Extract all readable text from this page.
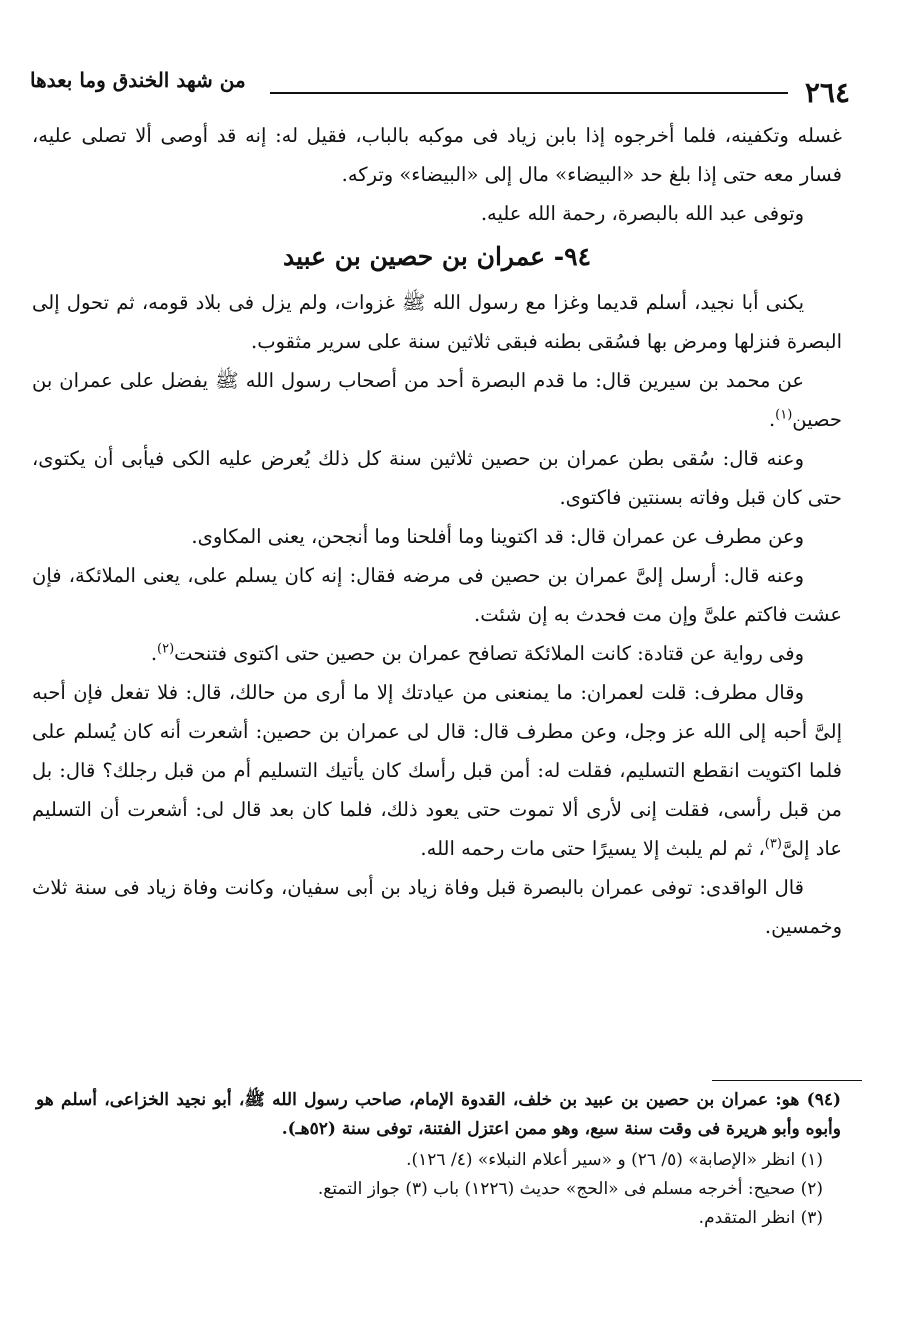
٢٦٤
من شهد الخندق وما بعدها

غسله وتكفينه، فلما أخرجوه إذا بابن زياد فى موكبه بالباب، فقيل له: إنه قد أوصى ألا تصلى عليه، فسار معه حتى إذا بلغ حد «البيضاء» مال إلى «البيضاء» وتركه.

وتوفى عبد الله بالبصرة، رحمة الله عليه.

٩٤- عمران بن حصين بن عبيد

يكنى أبا نجيد، أسلم قديما وغزا مع رسول الله ﷺ غزوات، ولم يزل فى بلاد قومه، ثم تحول إلى البصرة فنزلها ومرض بها فسُقى بطنه فبقى ثلاثين سنة على سرير مثقوب.

عن محمد بن سيرين قال: ما قدم البصرة أحد من أصحاب رسول الله ﷺ يفضل على عمران بن حصين$^{(١)}$.

وعنه قال: سُقى بطن عمران بن حصين ثلاثين سنة كل ذلك يُعرض عليه الكى فيأبى أن يكتوى، حتى كان قبل وفاته بسنتين فاكتوى.

وعن مطرف عن عمران قال: قد اكتوينا وما أفلحنا وما أنجحن، يعنى المكاوى.

وعنه قال: أرسل إلىَّ عمران بن حصين فى مرضه فقال: إنه كان يسلم على، يعنى الملائكة، فإن عشت فاكتم علىَّ وإن مت فحدث به إن شئت.

وفى رواية عن قتادة: كانت الملائكة تصافح عمران بن حصين حتى اكتوى فتنحت$^{(٢)}$.

وقال مطرف: قلت لعمران: ما يمنعنى من عيادتك إلا ما أرى من حالك، قال: فلا تفعل فإن أحبه إلىَّ أحبه إلى الله عز وجل، وعن مطرف قال: قال لى عمران بن حصين: أشعرت أنه كان يُسلم على فلما اكتويت انقطع التسليم، فقلت له: أمن قبل رأسك كان يأتيك التسليم أم من قبل رجلك؟ قال: بل من قبل رأسى، فقلت إنى لأرى ألا تموت حتى يعود ذلك، فلما كان بعد قال لى: أشعرت أن التسليم عاد إلىَّ$^{(٣)}$، ثم لم يلبث إلا يسيرًا حتى مات رحمه الله.

قال الواقدى: توفى عمران بالبصرة قبل وفاة زياد بن أبى سفيان، وكانت وفاة زياد فى سنة ثلاث وخمسين.

(٩٤) هو: عمران بن حصين بن عبيد بن خلف، القدوة الإمام، صاحب رسول الله ﷺ، أبو نجيد الخزاعى، أسلم هو وأبوه وأبو هريرة فى وقت سنة سبع، وهو ممن اعتزل الفتنة، توفى سنة (٥٢هـ).

(١) انظر «الإصابة» (٥/ ٢٦) و «سير أعلام النبلاء» (٤/ ١٢٦).

(٢) صحيح: أخرجه مسلم فى «الحج» حديث (١٢٢٦) باب (٣) جواز التمتع.

(٣) انظر المتقدم.
